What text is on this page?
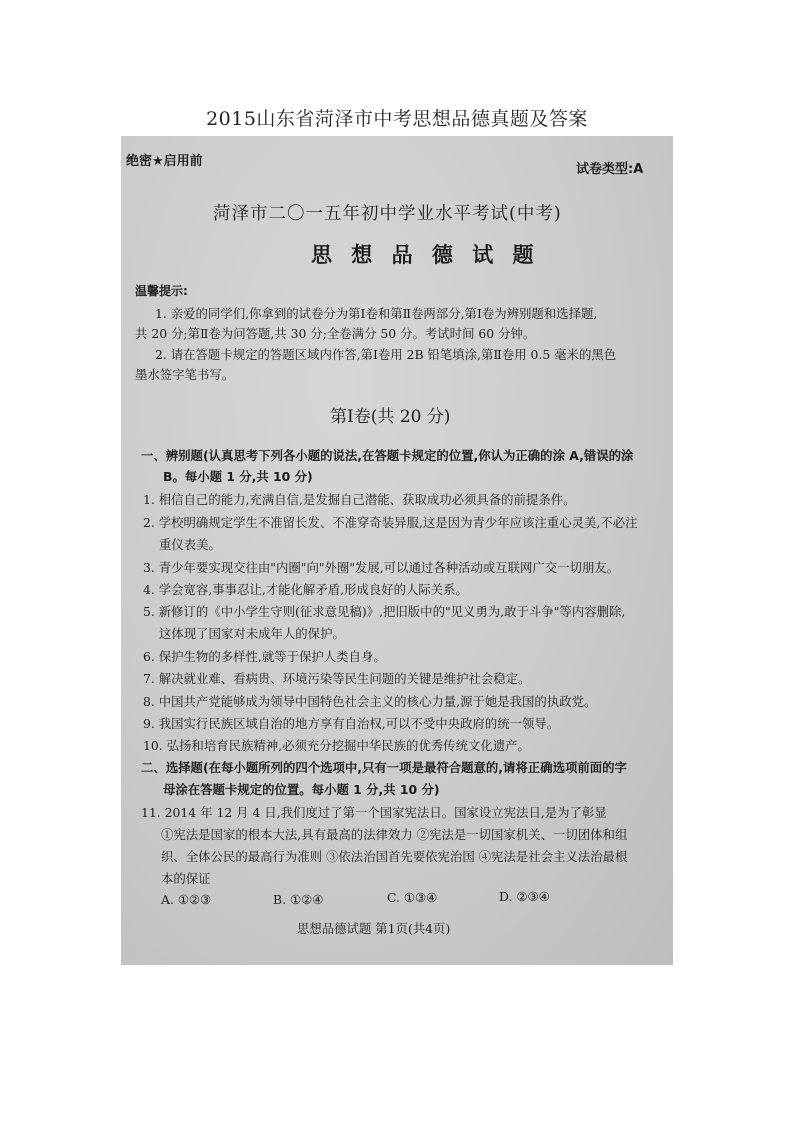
2015山东省菏泽市中考思想品德真题及答案
绝密★启用前
试卷类型:A
菏泽市二〇一五年初中学业水平考试(中考)
思 想 品 德 试 题
温馨提示:
1. 亲爱的同学们,你拿到的试卷分为第Ⅰ卷和第Ⅱ卷两部分,第Ⅰ卷为辨别题和选择题,
共 20 分;第Ⅱ卷为问答题,共 30 分;全卷满分 50 分。考试时间 60 分钟。
2. 请在答题卡规定的答题区域内作答,第Ⅰ卷用 2B 铅笔填涂,第Ⅱ卷用 0.5 毫米的黑色
墨水签字笔书写。
第Ⅰ卷(共 20 分)
一、辨别题(认真思考下列各小题的说法,在答题卡规定的位置,你认为正确的涂 A,错误的涂
B。每小题 1 分,共 10 分)
1. 相信自己的能力,充满自信,是发掘自己潜能、获取成功必须具备的前提条件。
2. 学校明确规定学生不准留长发、不准穿奇装异服,这是因为青少年应该注重心灵美,不必注
重仪表美。
3. 青少年要实现交往由"内圈"向"外圈"发展,可以通过各种活动或互联网广交一切朋友。
4. 学会宽容,事事忍让,才能化解矛盾,形成良好的人际关系。
5. 新修订的《中小学生守则(征求意见稿)》,把旧版中的"见义勇为,敢于斗争"等内容删除,
这体现了国家对未成年人的保护。
6. 保护生物的多样性,就等于保护人类自身。
7. 解决就业难、看病贵、环境污染等民生问题的关键是维护社会稳定。
8. 中国共产党能够成为领导中国特色社会主义的核心力量,源于她是我国的执政党。
9. 我国实行民族区域自治的地方享有自治权,可以不受中央政府的统一领导。
10. 弘扬和培育民族精神,必须充分挖掘中华民族的优秀传统文化遗产。
二、选择题(在每小题所列的四个选项中,只有一项是最符合题意的,请将正确选项前面的字
母涂在答题卡规定的位置。每小题 1 分,共 10 分)
11. 2014 年 12 月 4 日,我们度过了第一个国家宪法日。国家设立宪法日,是为了彰显
①宪法是国家的根本大法,具有最高的法律效力 ②宪法是一切国家机关、一切团体和组
织、全体公民的最高行为准则 ③依法治国首先要依宪治国 ④宪法是社会主义法治最根
本的保证
A. ①②③	B. ①②④	C. ①③④	D. ②③④
思想品德试题 第1页(共4页)
